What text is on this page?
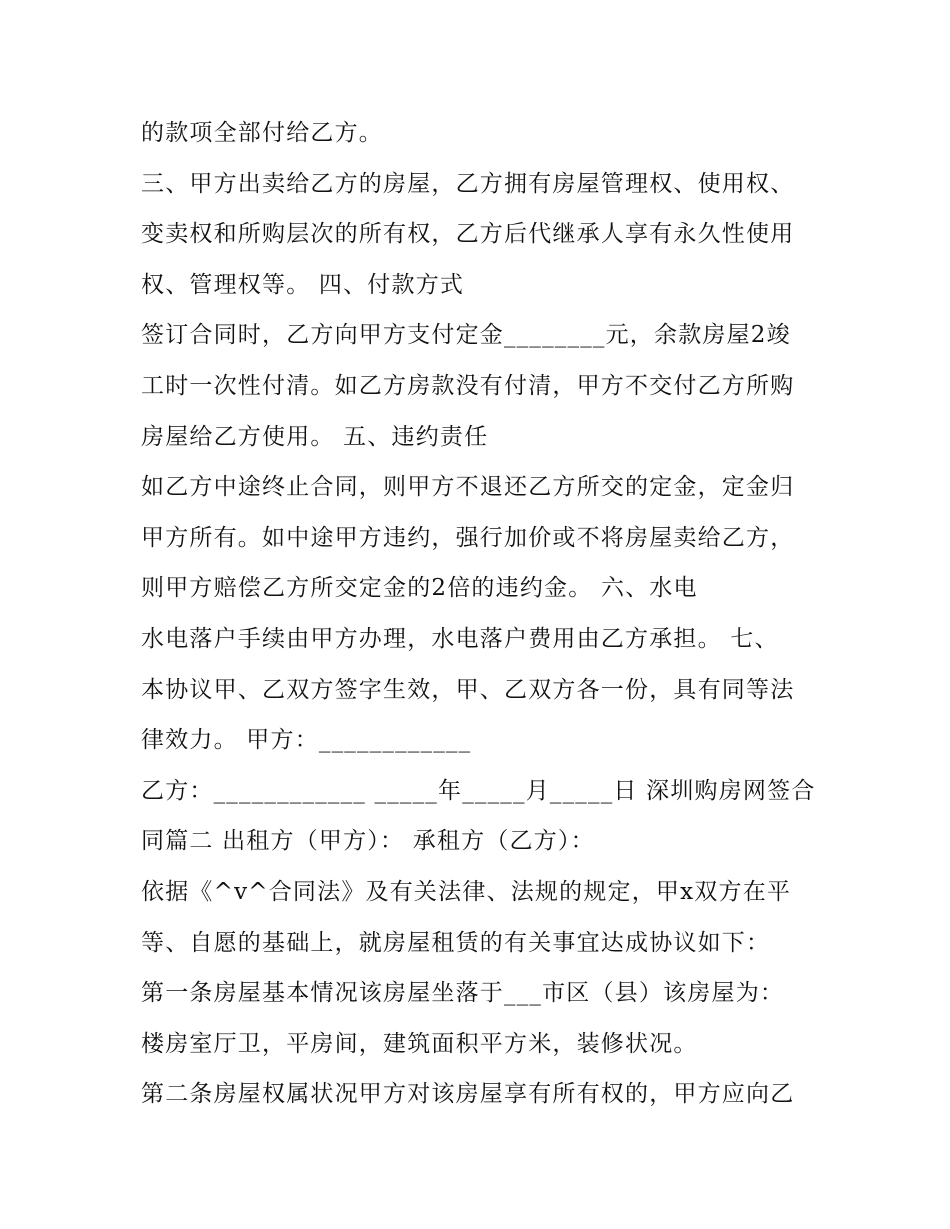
的款项全部付给乙方。
三、甲方出卖给乙方的房屋，乙方拥有房屋管理权、使用权、
变卖权和所购层次的所有权，乙方后代继承人享有永久性使用
权、管理权等。 四、付款方式
签订合同时，乙方向甲方支付定金________元，余款房屋2竣
工时一次性付清。如乙方房款没有付清，甲方不交付乙方所购
房屋给乙方使用。 五、违约责任
如乙方中途终止合同，则甲方不退还乙方所交的定金，定金归
甲方所有。如中途甲方违约，强行加价或不将房屋卖给乙方，
则甲方赔偿乙方所交定金的2倍的违约金。 六、水电
水电落户手续由甲方办理，水电落户费用由乙方承担。 七、
本协议甲、乙双方签字生效，甲、乙双方各一份，具有同等法
律效力。 甲方：____________
乙方：____________ _____年_____月_____日 深圳购房网签合
同篇二 出租方（甲方）： 承租方（乙方）：
依据《^v^合同法》及有关法律、法规的规定，甲x双方在平
等、自愿的基础上，就房屋租赁的有关事宜达成协议如下：
第一条房屋基本情况该房屋坐落于___市区（县）该房屋为：
楼房室厅卫，平房间，建筑面积平方米，装修状况。
第二条房屋权属状况甲方对该房屋享有所有权的，甲方应向乙
